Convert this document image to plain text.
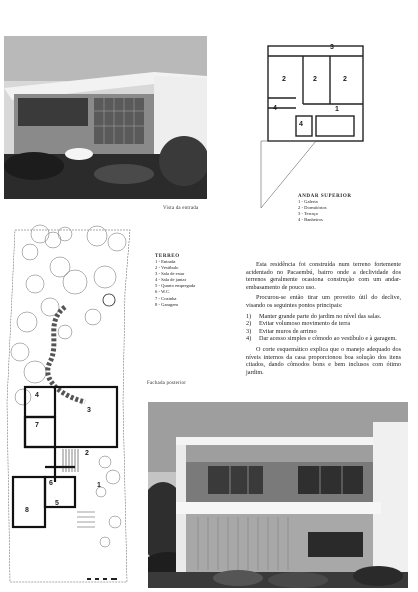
Vista da entrada
3
2	2	2
4	1
4
ANDAR SUPERIOR
1 - Galeria
2 - Dormitórios
3 - Terraço
4 - Banheiros
4
3
7
2
6	1
5
8
TERREO
1 - Entrada
2 - Vestíbulo
3 - Sala de estar
4 - Sala de jantar
5 - Quarto empregada
6 - W.C.
7 - Cozinha
8 - Garagem

Esta residência foi construída num terreno fortemente acidentado no Pacaembú, bairro onde a declividade dos terrenos geralmente ocasiona construção com um andar-embasamento de pouco uso.

Procurou-se então tirar um proveito útil do declive, visando os seguintes pontos principais:

1) Manter grande parte do jardim no nível das salas.
2) Evitar volumoso movimento de terra
3) Evitar muros de arrimo
4) Dar acesso simples e cômodo ao vestíbulo e à garagem.

O corte esquemático explica que o manejo adequado dos níveis internos da casa proporcionou boa solução dos itens citados, dando cômodos bons e bem inclusos com ótimo jardim.

Fachada posterior
